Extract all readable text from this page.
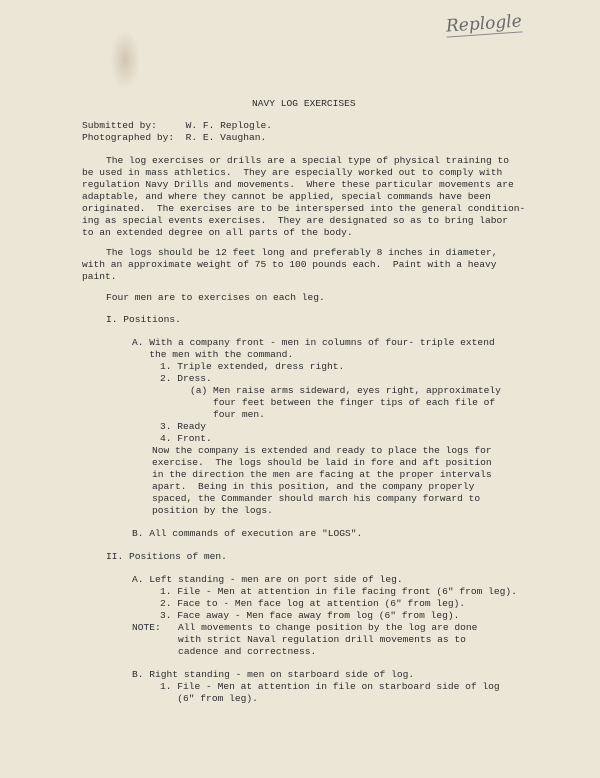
Replogle
NAVY LOG EXERCISES
Submitted by:     W. F. Replogle.
Photographed by:  R. E. Vaughan.
The log exercises or drills are a special type of physical training to
be used in mass athletics.  They are especially worked out to comply with
regulation Navy Drills and movements.  Where these particular movements are
adaptable, and where they cannot be applied, special commands have been
originated.  The exercises are to be interspersed into the general condition-
ing as special events exercises.  They are designated so as to bring labor
to an extended degree on all parts of the body.
The logs should be 12 feet long and preferably 8 inches in diameter,
with an approximate weight of 75 to 100 pounds each.  Paint with a heavy
paint.
Four men are to exercises on each leg.
I. Positions.
A. With a company front - men in columns of four- triple extend
the men with the command.
1. Triple extended, dress right.
2. Dress.
(a) Men raise arms sideward, eyes right, approximately
four feet between the finger tips of each file of
four men.
3. Ready
4. Front.
Now the company is extended and ready to place the logs for
exercise.  The logs should be laid in fore and aft position
in the direction the men are facing at the proper intervals
apart.  Being in this position, and the company properly
spaced, the Commander should march his company forward to
position by the logs.
B. All commands of execution are "LOGS".
II. Positions of men.
A. Left standing - men are on port side of leg.
1. File - Men at attention in file facing front (6" from leg).
2. Face to - Men face log at attention (6" from leg).
3. Face away - Men face away from log (6" from leg).
NOTE:   All movements to change position by the log are done
with strict Naval regulation drill movements as to
cadence and correctness.
B. Right standing - men on starboard side of log.
1. File - Men at attention in file on starboard side of log
(6" from leg).
